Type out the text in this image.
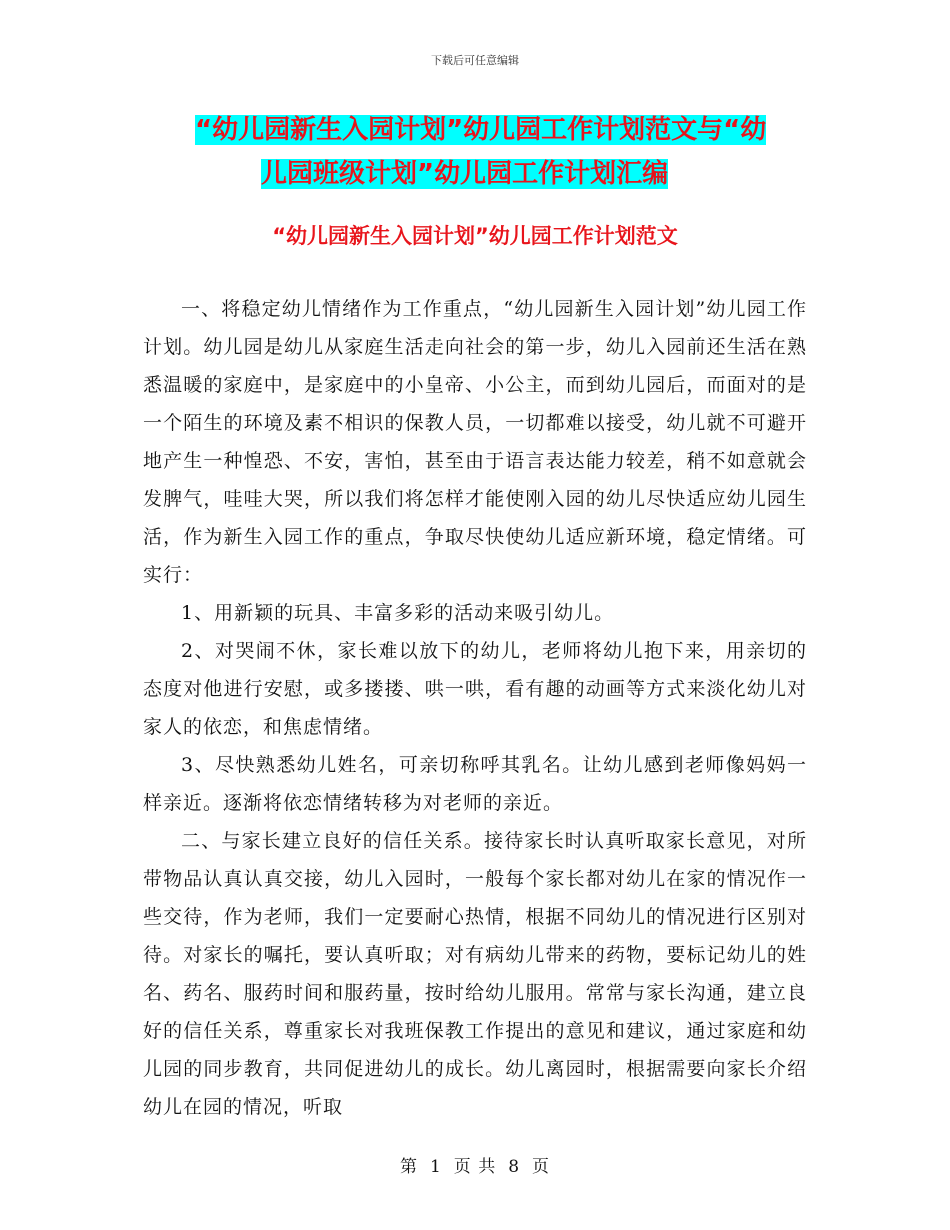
下载后可任意编辑
“幼儿园新生入园计划”幼儿园工作计划范文与“幼
儿园班级计划”幼儿园工作计划汇编
“幼儿园新生入园计划”幼儿园工作计划范文

一、将稳定幼儿情绪作为工作重点，“幼儿园新生入园计划”幼儿园工作计划。幼儿园是幼儿从家庭生活走向社会的第一步，幼儿入园前还生活在熟悉温暖的家庭中，是家庭中的小皇帝、小公主，而到幼儿园后，而面对的是一个陌生的环境及素不相识的保教人员，一切都难以接受，幼儿就不可避开地产生一种惶恐、不安，害怕，甚至由于语言表达能力较差，稍不如意就会发脾气，哇哇大哭，所以我们将怎样才能使刚入园的幼儿尽快适应幼儿园生活，作为新生入园工作的重点，争取尽快使幼儿适应新环境，稳定情绪。可实行：

1、用新颖的玩具、丰富多彩的活动来吸引幼儿。

2、对哭闹不休，家长难以放下的幼儿，老师将幼儿抱下来，用亲切的态度对他进行安慰，或多搂搂、哄一哄，看有趣的动画等方式来淡化幼儿对家人的依恋，和焦虑情绪。

3、尽快熟悉幼儿姓名，可亲切称呼其乳名。让幼儿感到老师像妈妈一样亲近。逐渐将依恋情绪转移为对老师的亲近。

二、与家长建立良好的信任关系。接待家长时认真听取家长意见，对所带物品认真认真交接，幼儿入园时，一般每个家长都对幼儿在家的情况作一些交待，作为老师，我们一定要耐心热情，根据不同幼儿的情况进行区别对待。对家长的嘱托，要认真听取；对有病幼儿带来的药物，要标记幼儿的姓名、药名、服药时间和服药量，按时给幼儿服用。常常与家长沟通，建立良好的信任关系，尊重家长对我班保教工作提出的意见和建议，通过家庭和幼儿园的同步教育，共同促进幼儿的成长。幼儿离园时，根据需要向家长介绍幼儿在园的情况，听取

第 1 页 共 8 页
